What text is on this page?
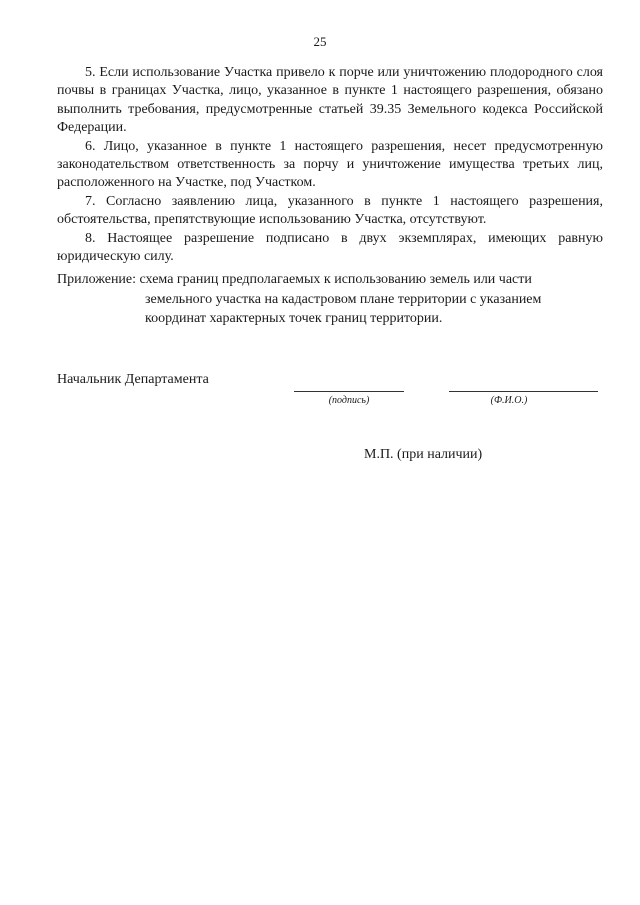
25

5. Если использование Участка привело к порче или уничтожению плодородного слоя почвы в границах Участка, лицо, указанное в пункте 1 настоящего разрешения, обязано выполнить требования, предусмотренные статьей 39.35 Земельного кодекса Российской Федерации.

6. Лицо, указанное в пункте 1 настоящего разрешения, несет предусмотренную законодательством ответственность за порчу и уничтожение имущества третьих лиц, расположенного на Участке, под Участком.

7. Согласно заявлению лица, указанного в пункте 1 настоящего разрешения, обстоятельства, препятствующие использованию Участка, отсутствуют.

8. Настоящее разрешение подписано в двух экземплярах, имеющих равную юридическую силу.

Приложение: схема границ предполагаемых к использованию земель или части
земельного участка на кадастровом плане территории с указанием
координат характерных точек границ территории.
Начальник Департамента
(подпись)	(Ф.И.О.)
М.П. (при наличии)
